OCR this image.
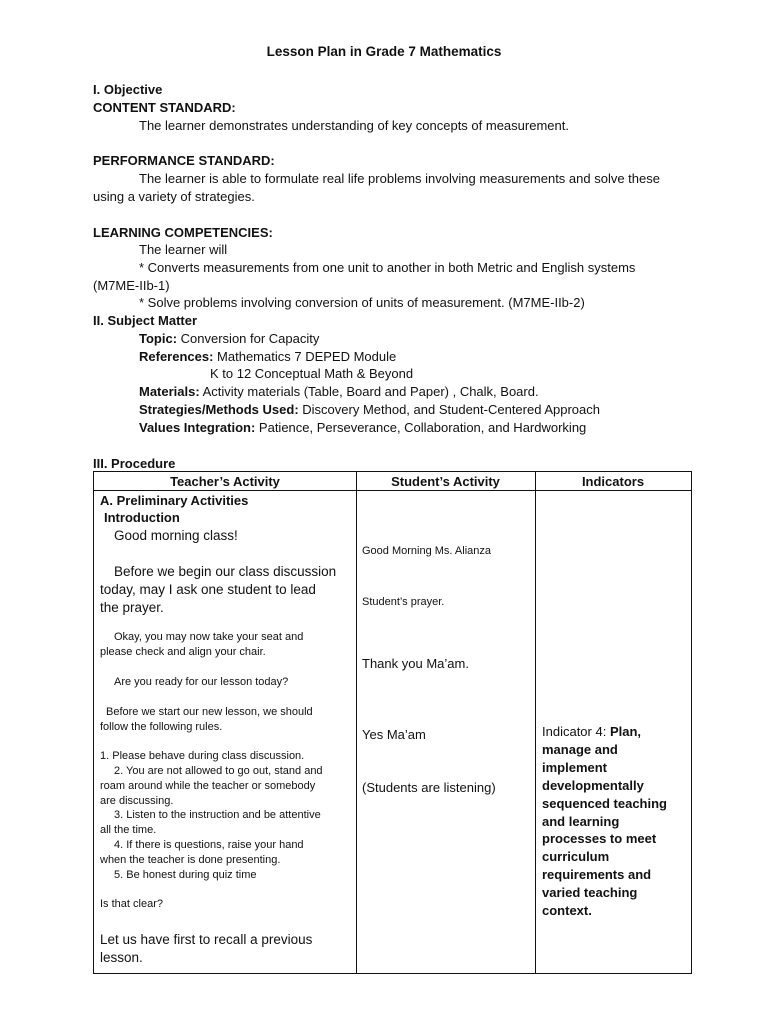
Lesson Plan in Grade 7 Mathematics
I. Objective
CONTENT STANDARD:
The learner demonstrates understanding of key concepts of measurement.
PERFORMANCE STANDARD:
The learner is able to formulate real life problems involving measurements and solve these
using a variety of strategies.
LEARNING COMPETENCIES:
The learner will
* Converts measurements from one unit to another in both Metric and English systems
(M7ME-IIb-1)
* Solve problems involving conversion of units of measurement. (M7ME-IIb-2)
II. Subject Matter
Topic: Conversion for Capacity
References: Mathematics 7 DEPED Module
K to 12 Conceptual Math & Beyond
Materials: Activity materials (Table, Board and Paper) , Chalk, Board.
Strategies/Methods Used: Discovery Method, and Student-Centered Approach
Values Integration: Patience, Perseverance, Collaboration, and Hardworking
III. Procedure
Teacher’s Activity	Student’s Activity	Indicators
A. Preliminary Activities
Introduction
Good morning class!
Before we begin our class discussion
today, may I ask one student to lead
the prayer.
Okay, you may now take your seat and
please check and align your chair.
Are you ready for our lesson today?
Before we start our new lesson, we should
follow the following rules.
1. Please behave during class discussion.
2. You are not allowed to go out, stand and
roam around while the teacher or somebody
are discussing.
3. Listen to the instruction and be attentive
all the time.
4. If there is questions, raise your hand
when the teacher is done presenting.
5. Be honest during quiz time
Is that clear?
Let us have first to recall a previous
lesson.
Good Morning Ms. Alianza
Student’s prayer.
Thank you Ma’am.
Yes Ma’am
(Students are listening)
Indicator 4: Plan,
manage and
implement
developmentally
sequenced teaching
and learning
processes to meet
curriculum
requirements and
varied teaching
context.
